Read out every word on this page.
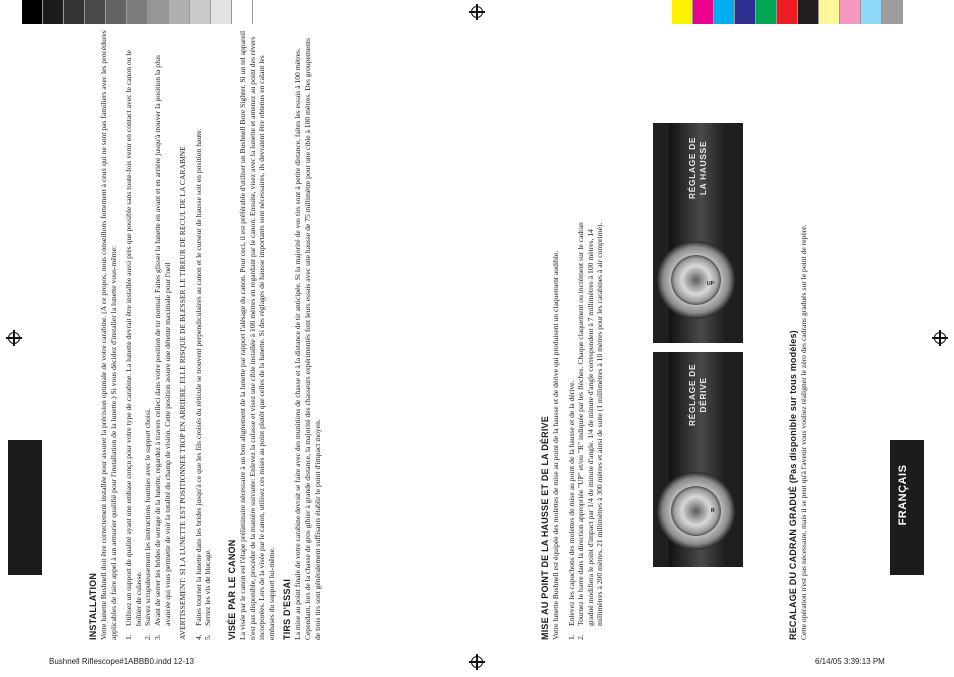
FRANÇAIS
INSTALLATION Votre lunette Bushnell doit être correctement installée pour assurer la précision optimale de votre carabine. (A ce propos, nous conseillons fortement à ceux qui ne sont pas familiers avec les procédures applicables de faire appel à un armurier qualifié pour l'installation de la lunette.) Si vous décidez d'installer la lunette vous-même: 1.
Utilisez un support de qualité ayant une embase conçu pour votre type de carabine. La lunette devrait être installée aussi près que possible sans toute-fois venir en contact avec le canon ou le boîtier de culasse.
2.
Suivez scrupuleusement les instructions fournies avec le support choisi.
3.
Avant de serrer les brides de serrage de la lunette, regardez à travers celleci dans votre position de tir normal. Faites glisser la lunette en avant et en arrière jusqu'à trouver la position la plus avancée qui vous permette de voir la totalité du champ de vision. Cette position assure une détente maximale pour l'oeil AVERTISSEMENT: SI LA LUNETTE EST POSITIONNEE TROP EN ARRIERE, ELLE RISQUE DE BLESSER LE TIREUR DE RECUL DE LA CARABINE
4.
Faites tourner la lunette dans les brides jusqu'à ce que les fils croisés du réticule se trouvent perpendiculaires au canon et le curseur de hausse soit en position haute.
5.
Serrez les vis de blocage. VISÉE PAR LE CANON La visée par le canon est l'étape préliminaire nécessaire à un bon alignement de la lunette par rapport l'alésage du canon. Pour ceci, il est préférable d'utiliser un Bushnell Bore Sighter. Si un tel appareil n'est pas disponible, procéder de la manière suivante: Enlevez la culasse et visez une cible installée à 100 mètres en regardant par le canon. Ensuite, visez avec la lunette et amenez au point des révers incorporées. Lors de la visée par le canon, utilisez ces mises au point plutôt que celles de la lunette. Si des réglages de hausse importants sont nécessaires, ils devraient être obtenus en calant les embases du support lui-même. TIRS D'ESSAI La mise au point finale de votre carabine devrait se faire avec des munitions de chasse et à la distance de tir anticipée. Si la majorité de vos tirs sont à petite distance, faites les essais à 100 mètres. Cependant, lors de la chasse de gros gibier à grande distance, la majorité des chasseurs expérimentés font leurs essais avec une hausse de 75 millimètre pour une cible à 100 mètres. Des groupements de trois tirs sont généralement suffisants établir le point d'impact moyen.	MISE AU POINT DE LA HAUSSE ET DE LA DÉRIVE Votre lunette Bushnell est équipée des molettes de mise au point de la hausse et de dérive qui produisent un claquement audible. 1.
Enlevez les capuchons des molettes de mise au point de la hausse et de la dérive.
2.
Tournez le barre dans la direction appropriée "UP" et/ou "R" indiquée par les flèches. Chaque claquement ou incrément sur le cadran gradué modifiera le point d'impact par 1/4 de minute d'angle. 1/4 de minute d'angle correspondent à 7 millimètres à 100 mètres, 14 millimètres à 200 mètres, 21 millimètres à 300 mètres et ainsi de suite (1 millimètres à 10 mètres pour les carabines à air comprimé).	UP
RÉGLAGE DE LA HAUSSE
R
RÉGLAGE DE DÉRIVE
RECALAGE DU CADRAN GRADUÉ (Pas disponible sur tous modèles) Cette opération n'est pas nécessaire, mais il se peut qu'à l'avenir vous vouliez réaligner le zéro des cadrans gradués sur le point de repère.
Bushnell Riflescope#1ABBB0.indd 12-13	6/14/05 3:39:13 PM
